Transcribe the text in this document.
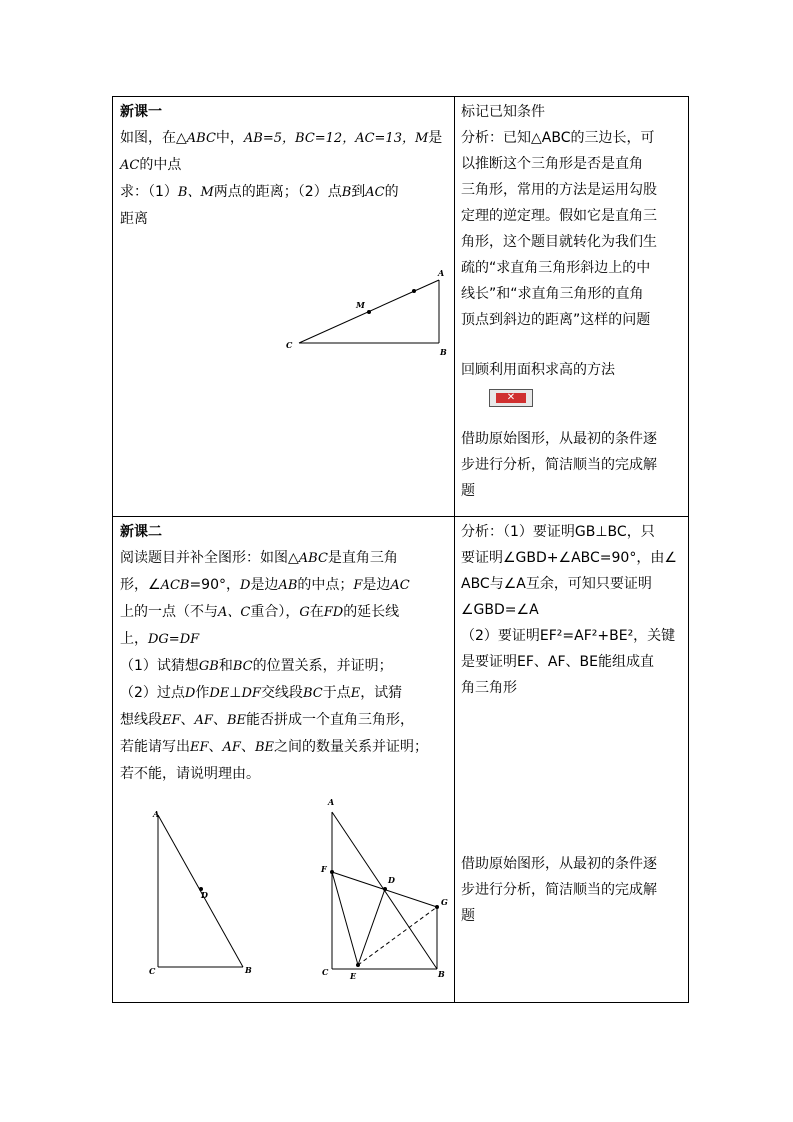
新课一
如图，在△ABC中，AB=5，BC=12，AC=13，M是
AC的中点
求：（1）B、M两点的距离；（2）点B到AC的
距离
A
B
C
M
标记已知条件
分析：已知△ABC的三边长，可
以推断这个三角形是否是直角
三角形，常用的方法是运用勾股
定理的逆定理。假如它是直角三
角形，这个题目就转化为我们生
疏的“求直角三角形斜边上的中
线长”和“求直角三角形的直角
顶点到斜边的距离”这样的问题
回顾利用面积求高的方法
✕
借助原始图形，从最初的条件逐
步进行分析，简洁顺当的完成解
题
新课二
阅读题目并补全图形：如图△ABC是直角三角
形，∠ACB=90°，D是边AB的中点；F是边AC
上的一点（不与A、C重合），G在FD的延长线
上，DG=DF
（1）试猜想GB和BC的位置关系，并证明；
（2）过点D作DE⊥DF交线段BC于点E，试猜
想线段EF、AF、BE能否拼成一个直角三角形，
若能请写出EF、AF、BE之间的数量关系并证明；
若不能，请说明理由。
A
B
C
D
A
B
C
D
E
F
G
分析：（1）要证明GB⊥BC，只
要证明∠GBD+∠ABC=90°，由∠
ABC与∠A互余，可知只要证明
∠GBD=∠A
（2）要证明EF²=AF²+BE²，关键
是要证明EF、AF、BE能组成直
角三角形
借助原始图形，从最初的条件逐
步进行分析，简洁顺当的完成解
题
